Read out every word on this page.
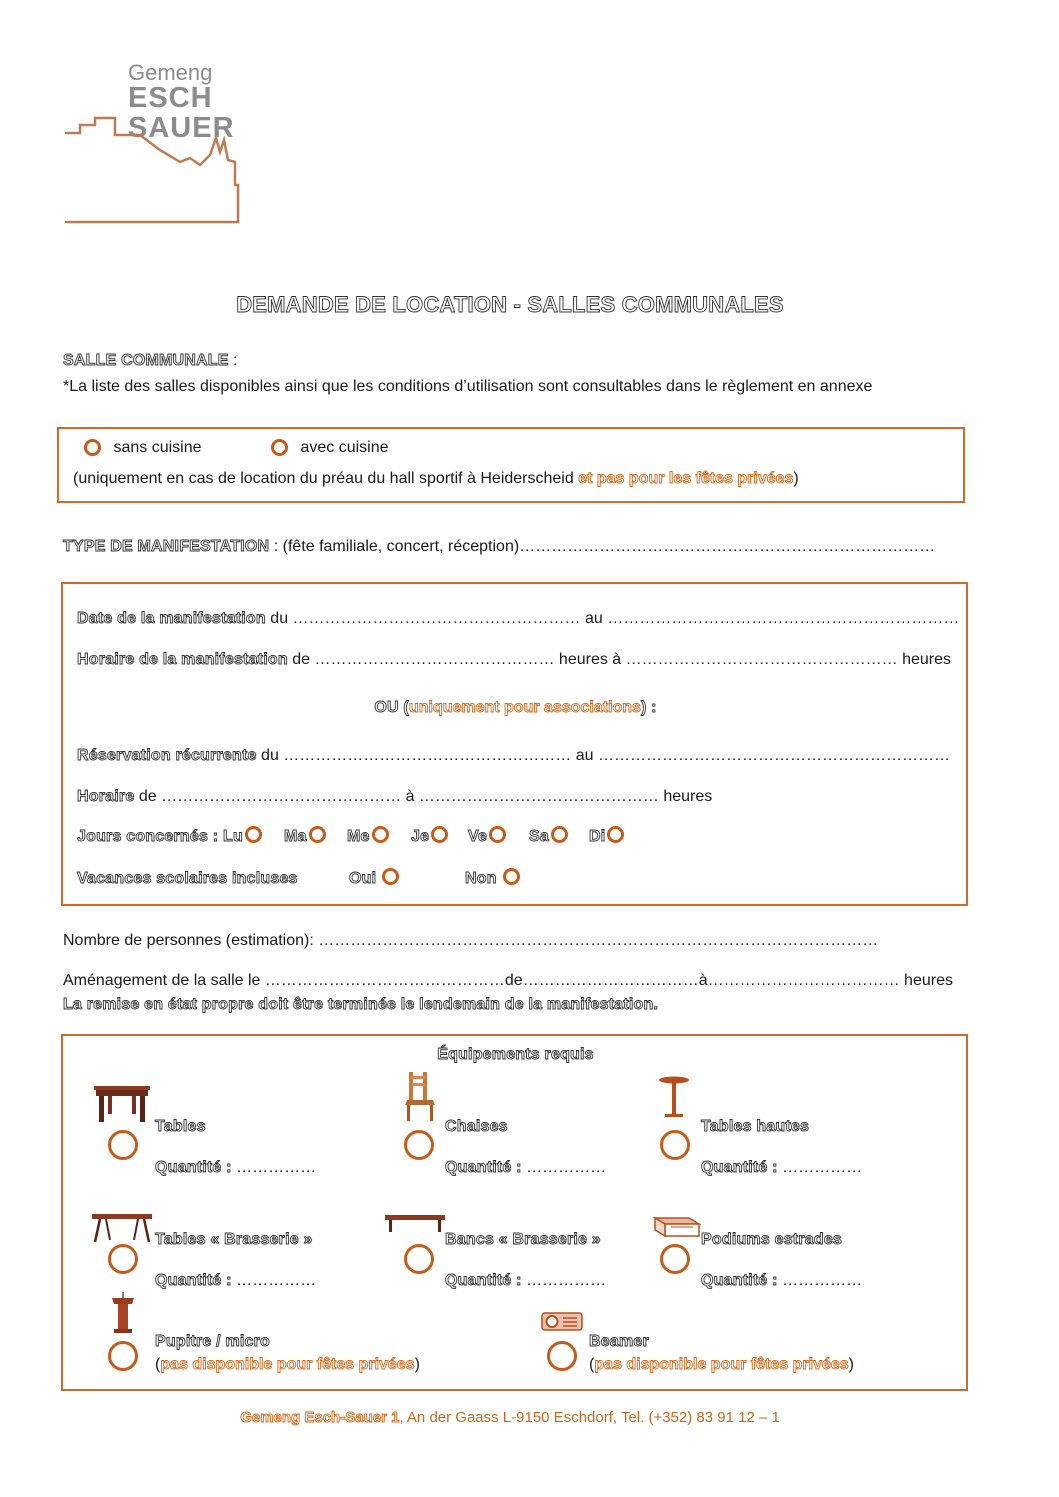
Gemeng
ESCH
SAUER
DEMANDE DE LOCATION - SALLES COMMUNALES
SALLE COMMUNALE :
*La liste des salles disponibles ainsi que les conditions d’utilisation sont consultables dans le règlement en annexe
sans cuisine	avec cuisine
(uniquement en cas de location du préau du hall sportif à Heiderscheid et pas pour les fêtes privées)
TYPE DE MANIFESTATION : (fête familiale, concert, réception)……………………………………………………………………
Date de la manifestation du ……………………………………………… au …………………………………………………………
Horaire de la manifestation de ……………………………………… heures à …………………………………………… heures
OU (uniquement pour associations) :
Réservation récurrente du ……………………………………………… au …………………………………………………………
Horaire de ……………………………………… à ……………………………………… heures
Jours concernés : Lu	Ma	Me	Je	Ve	Sa	Di
Vacances scolaires incluses	Oui	Non
Nombre de personnes (estimation): ……………………………………………………………………………………………
Aménagement de la salle le ………………………………………de……………………………à……………………………… heures
La remise en état propre doit être terminée le lendemain de la manifestation.
Équipements requis
Tables
Quantité : ……………
Chaises
Quantité : ……………
Tables hautes
Quantité : ……………
Tables « Brasserie »
Quantité : ……………
Bancs « Brasserie »
Quantité : ……………
Podiums estrades
Quantité : ……………
Pupitre / micro
(pas disponible pour fêtes privées)
Beamer
(pas disponible pour fêtes privées)
Gemeng Esch-Sauer 1, An der Gaass L-9150 Eschdorf, Tel. (+352) 83 91 12 – 1
